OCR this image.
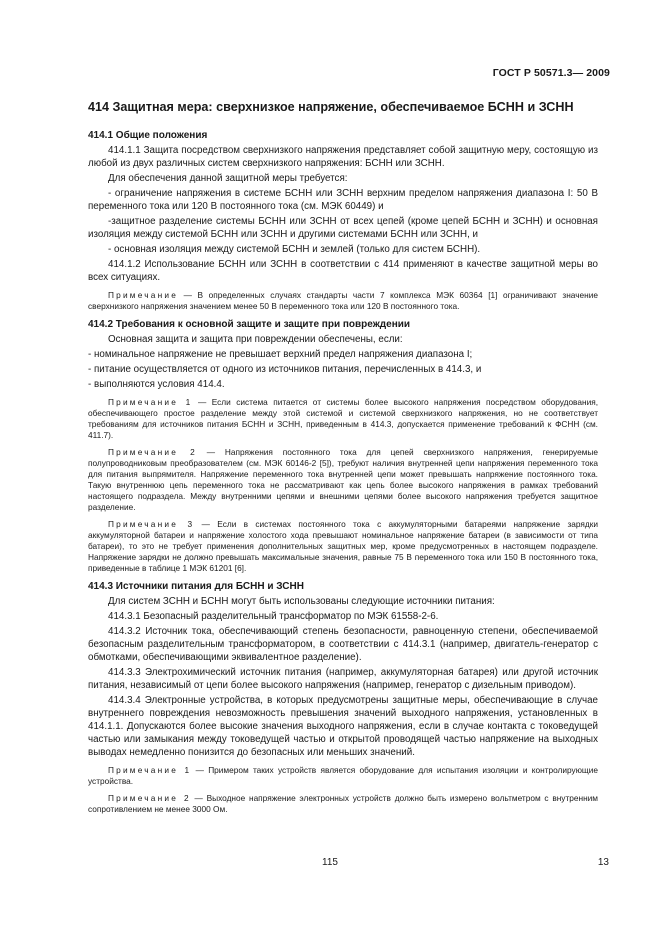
ГОСТ Р 50571.3— 2009
414 Защитная мера: сверхнизкое напряжение, обеспечиваемое БСНН и ЗСНН
414.1 Общие положения
414.1.1 Защита посредством сверхнизкого напряжения представляет собой защитную меру, состоящую из любой из двух различных систем сверхнизкого напряжения: БСНН или ЗСНН.
Для обеспечения данной защитной меры требуется:
- ограничение напряжения в системе БСНН или ЗСНН верхним пределом напряжения диапазона I: 50 В переменного тока или 120 В постоянного тока (см. МЭК 60449) и
-защитное разделение системы БСНН или ЗСНН от всех цепей (кроме цепей БСНН и ЗСНН) и основная изоляция между системой БСНН или ЗСНН и другими системами БСНН или ЗСНН, и
- основная изоляция между системой БСНН и землей (только для систем БСНН).
414.1.2 Использование БСНН или ЗСНН в соответствии с 414 применяют в качестве защитной меры во всех ситуациях.
Примечание — В определенных случаях стандарты части 7 комплекса МЭК 60364 [1] ограничивают значение сверхнизкого напряжения значением менее 50 В переменного тока или 120 В постоянного тока.
414.2 Требования к основной защите и защите при повреждении
Основная защита и защита при повреждении обеспечены, если:
- номинальное напряжение не превышает верхний предел напряжения диапазона I;
- питание осуществляется от одного из источников питания, перечисленных в 414.3, и
- выполняются условия 414.4.
Примечание 1 — Если система питается от системы более высокого напряжения посредством оборудования, обеспечивающего простое разделение между этой системой и системой сверхнизкого напряжения, но не соответствует требованиям для источников питания БСНН и ЗСНН, приведенным в 414.3, допускается применение требований к ФСНН (см. 411.7).
Примечание 2 — Напряжения постоянного тока для цепей сверхнизкого напряжения, генерируемые полупроводниковым преобразователем (см. МЭК 60146-2 [5]), требуют наличия внутренней цепи напряжения переменного тока для питания выпрямителя. Напряжение переменного тока внутренней цепи может превышать напряжение постоянного тока. Такую внутреннюю цепь переменного тока не рассматривают как цепь более высокого напряжения в рамках требований настоящего подраздела. Между внутренними цепями и внешними цепями более высокого напряжения требуется защитное разделение.
Примечание 3 — Если в системах постоянного тока с аккумуляторными батареями напряжение зарядки аккумуляторной батареи и напряжение холостого хода превышают номинальное напряжение батареи (в зависимости от типа батареи), то это не требует применения дополнительных защитных мер, кроме предусмотренных в настоящем подразделе. Напряжение зарядки не должно превышать максимальные значения, равные 75 В переменного тока или 150 В постоянного тока, приведенные в таблице 1 МЭК 61201 [6].
414.3 Источники питания для БСНН и ЗСНН
Для систем ЗСНН и БСНН могут быть использованы следующие источники питания:
414.3.1 Безопасный разделительный трансформатор по МЭК 61558-2-6.
414.3.2 Источник тока, обеспечивающий степень безопасности, равноценную степени, обеспечиваемой безопасным разделительным трансформатором, в соответствии с 414.3.1 (например, двигатель-генератор с обмотками, обеспечивающими эквивалентное разделение).
414.3.3 Электрохимический источник питания (например, аккумуляторная батарея) или другой источник питания, независимый от цепи более высокого напряжения (например, генератор с дизельным приводом).
414.3.4 Электронные устройства, в которых предусмотрены защитные меры, обеспечивающие в случае внутреннего повреждения невозможность превышения значений выходного напряжения, установленных в 414.1.1. Допускаются более высокие значения выходного напряжения, если в случае контакта с токоведущей частью или замыкания между токоведущей частью и открытой проводящей частью напряжение на выходных выводах немедленно понизится до безопасных или меньших значений.
Примечание 1 — Примером таких устройств является оборудование для испытания изоляции и контролирующие устройства.
Примечание 2 — Выходное напряжение электронных устройств должно быть измерено вольтметром с внутренним сопротивлением не менее 3000 Ом.
115	13
